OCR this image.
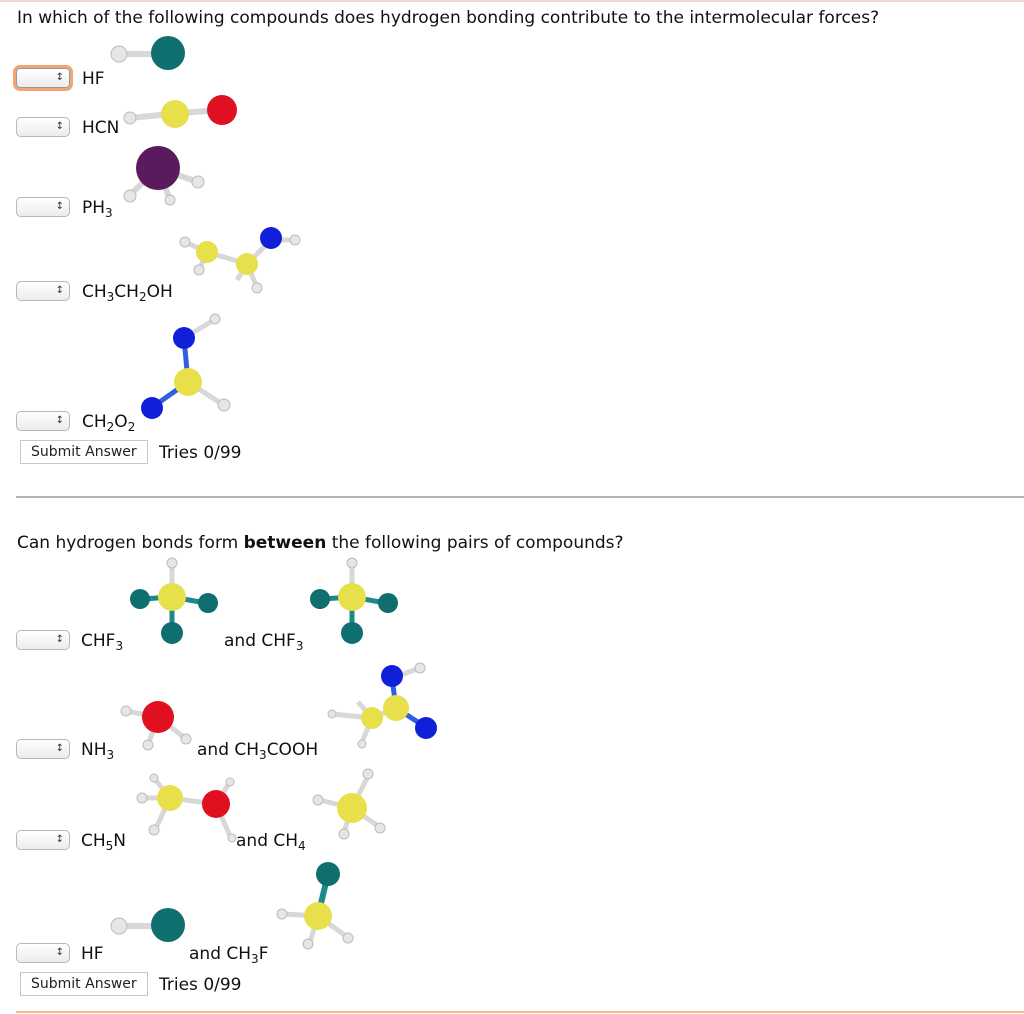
In which of the following compounds does hydrogen bonding contribute to the intermolecular forces?
↕	HF
↕	HCN
↕	$PH_3$
↕	$CH_3CH_2OH$
↕	$CH_2O_2$
Submit Answer	Tries 0/99
Can hydrogen bonds form between the following pairs of compounds?
↕	$CHF_3$	and $CHF_3$
↕	$NH_3$	and $CH_3COOH$
↕	$CH_5N$	and $CH_4$
↕	HF	and $CH_3F$
Submit Answer	Tries 0/99
